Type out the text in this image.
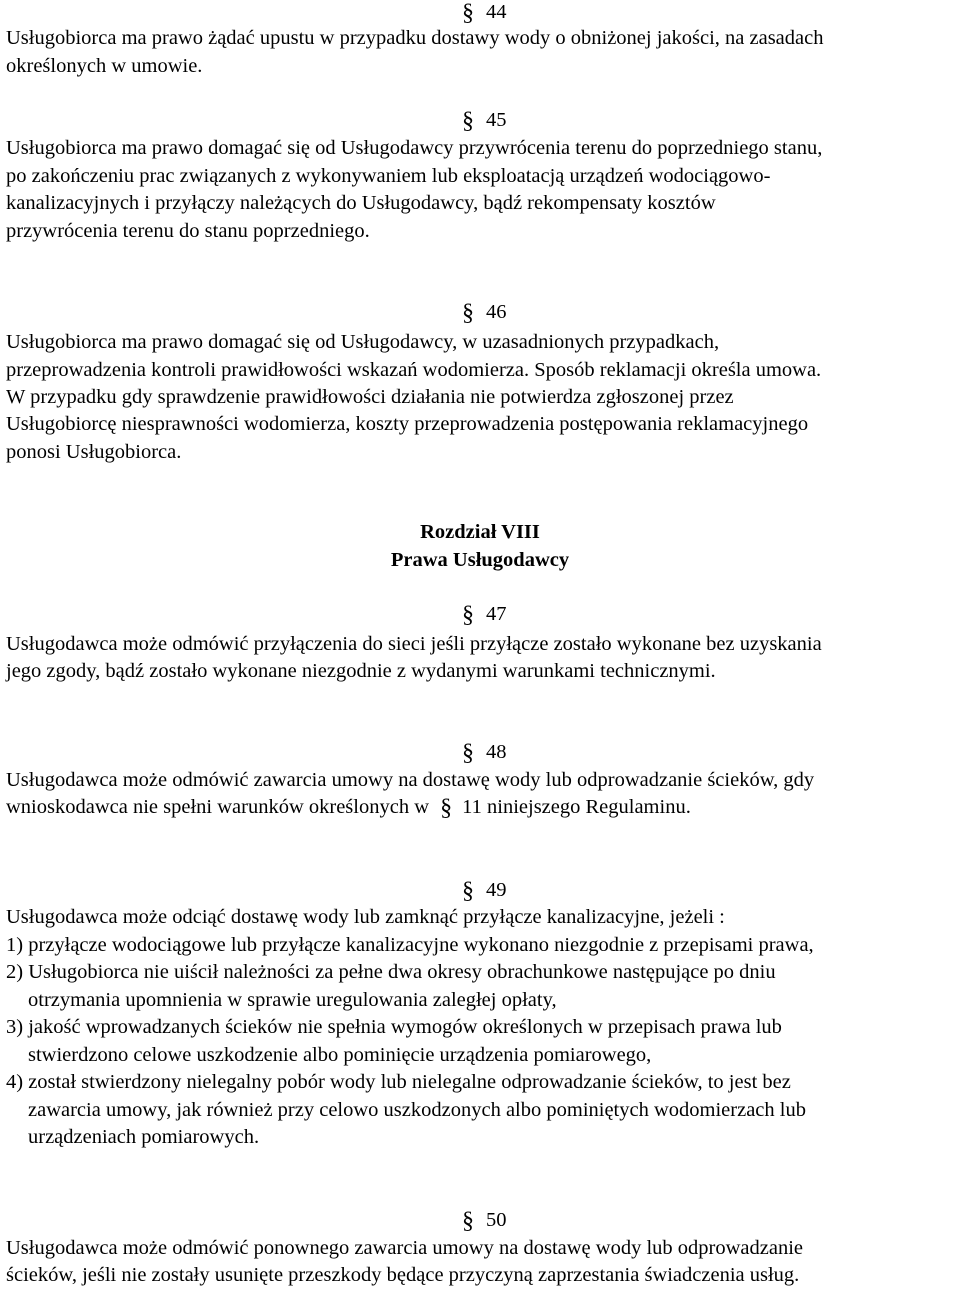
§ 44
Usługobiorca ma prawo żądać upustu w przypadku dostawy wody o obniżonej jakości, na zasadach
określonych w umowie.
§ 45
Usługobiorca ma prawo domagać się od Usługodawcy przywrócenia terenu do poprzedniego stanu,
po zakończeniu prac związanych z wykonywaniem lub eksploatacją urządzeń wodociągowo-
kanalizacyjnych i przyłączy należących do Usługodawcy, bądź rekompensaty kosztów
przywrócenia terenu do stanu poprzedniego.
§ 46
Usługobiorca ma prawo domagać się od Usługodawcy, w uzasadnionych przypadkach,
przeprowadzenia kontroli prawidłowości wskazań wodomierza. Sposób reklamacji określa umowa.
W przypadku gdy sprawdzenie prawidłowości działania nie potwierdza zgłoszonej przez
Usługobiorcę niesprawności wodomierza, koszty przeprowadzenia postępowania reklamacyjnego
ponosi Usługobiorca.
Rozdział VIII
Prawa Usługodawcy
§ 47
Usługodawca może odmówić przyłączenia do sieci jeśli przyłącze zostało wykonane bez uzyskania
jego zgody, bądź zostało wykonane niezgodnie z wydanymi warunkami technicznymi.
§ 48
Usługodawca może odmówić zawarcia umowy na dostawę wody lub odprowadzanie ścieków, gdy
wnioskodawca nie spełni warunków określonych w § 11 niniejszego Regulaminu.
§ 49
Usługodawca może odciąć dostawę wody lub zamknąć przyłącze kanalizacyjne, jeżeli :
1) przyłącze wodociągowe lub przyłącze kanalizacyjne wykonano niezgodnie z przepisami prawa,
2) Usługobiorca nie uiścił należności za pełne dwa okresy obrachunkowe następujące po dniu
otrzymania upomnienia w sprawie uregulowania zaległej opłaty,
3) jakość wprowadzanych ścieków nie spełnia wymogów określonych w przepisach prawa lub
stwierdzono celowe uszkodzenie albo pominięcie urządzenia pomiarowego,
4) został stwierdzony nielegalny pobór wody lub nielegalne odprowadzanie ścieków, to jest bez
zawarcia umowy, jak również przy celowo uszkodzonych albo pominiętych wodomierzach lub
urządzeniach pomiarowych.
§ 50
Usługodawca może odmówić ponownego zawarcia umowy na dostawę wody lub odprowadzanie
ścieków, jeśli nie zostały usunięte przeszkody będące przyczyną zaprzestania świadczenia usług.
